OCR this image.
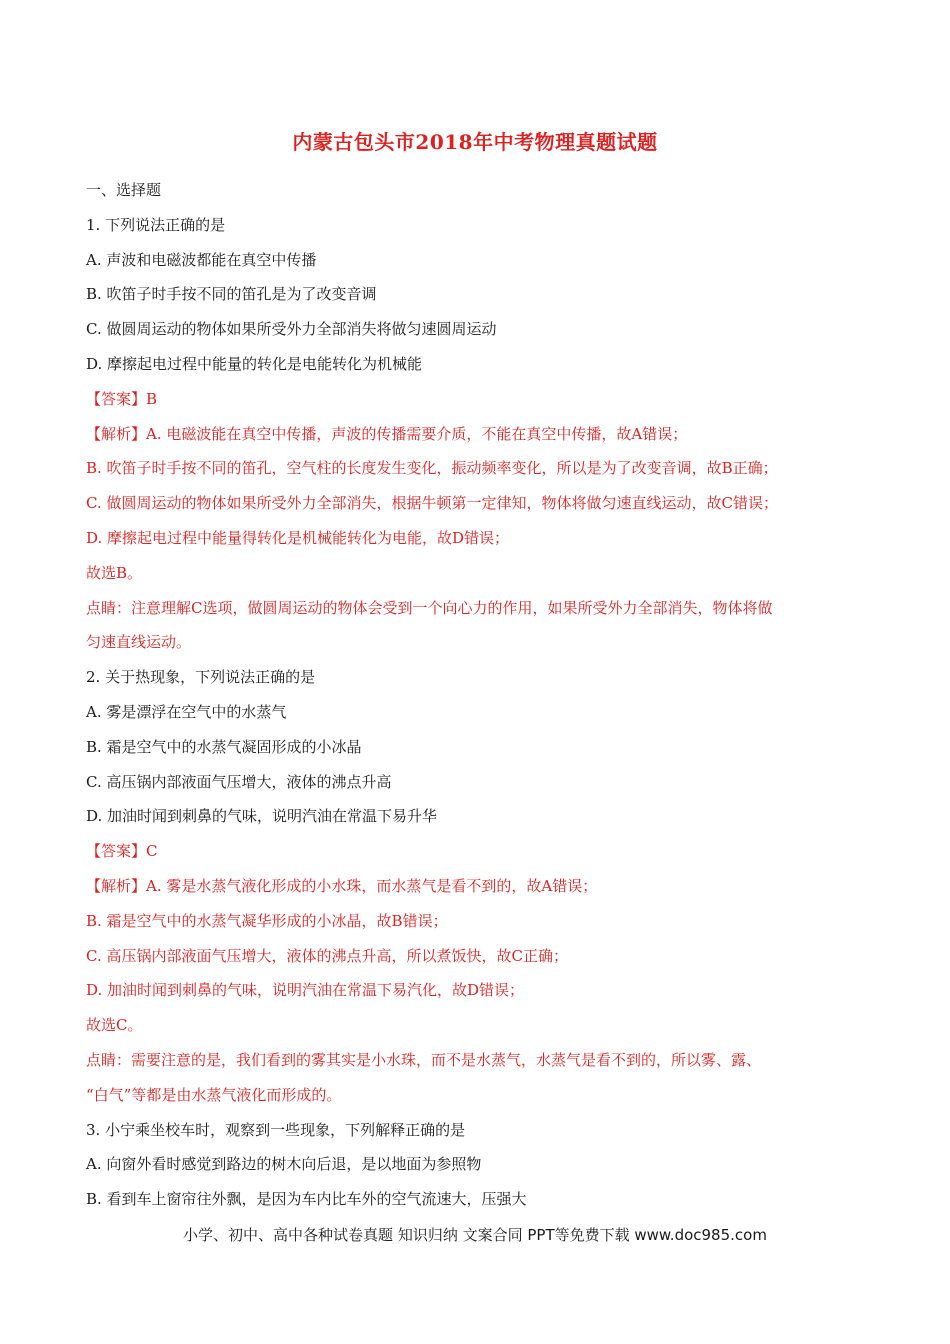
内蒙古包头市2018年中考物理真题试题
一、选择题
1. 下列说法正确的是
A. 声波和电磁波都能在真空中传播
B. 吹笛子时手按不同的笛孔是为了改变音调
C. 做圆周运动的物体如果所受外力全部消失将做匀速圆周运动
D. 摩擦起电过程中能量的转化是电能转化为机械能
【答案】B
【解析】A. 电磁波能在真空中传播，声波的传播需要介质，不能在真空中传播，故A错误；
B. 吹笛子时手按不同的笛孔，空气柱的长度发生变化，振动频率变化，所以是为了改变音调，故B正确；
C. 做圆周运动的物体如果所受外力全部消失，根据牛顿第一定律知，物体将做匀速直线运动，故C错误；
D. 摩擦起电过程中能量得转化是机械能转化为电能，故D错误；
故选B。
点睛：注意理解C选项，做圆周运动的物体会受到一个向心力的作用，如果所受外力全部消失，物体将做
匀速直线运动。
2. 关于热现象，下列说法正确的是
A. 雾是漂浮在空气中的水蒸气
B. 霜是空气中的水蒸气凝固形成的小冰晶
C. 高压锅内部液面气压增大，液体的沸点升高
D. 加油时闻到刺鼻的气味，说明汽油在常温下易升华
【答案】C
【解析】A. 雾是水蒸气液化形成的小水珠，而水蒸气是看不到的，故A错误；
B. 霜是空气中的水蒸气凝华形成的小冰晶，故B错误；
C. 高压锅内部液面气压增大，液体的沸点升高，所以煮饭快，故C正确；
D. 加油时闻到刺鼻的气味，说明汽油在常温下易汽化，故D错误；
故选C。
点睛：需要注意的是，我们看到的雾其实是小水珠，而不是水蒸气，水蒸气是看不到的，所以雾、露、
“白气”等都是由水蒸气液化而形成的。
3. 小宁乘坐校车时，观察到一些现象，下列解释正确的是
A. 向窗外看时感觉到路边的树木向后退，是以地面为参照物
B. 看到车上窗帘往外飘，是因为车内比车外的空气流速大，压强大
小学、初中、高中各种试卷真题 知识归纳 文案合同 PPT等免费下载 www.doc985.com
